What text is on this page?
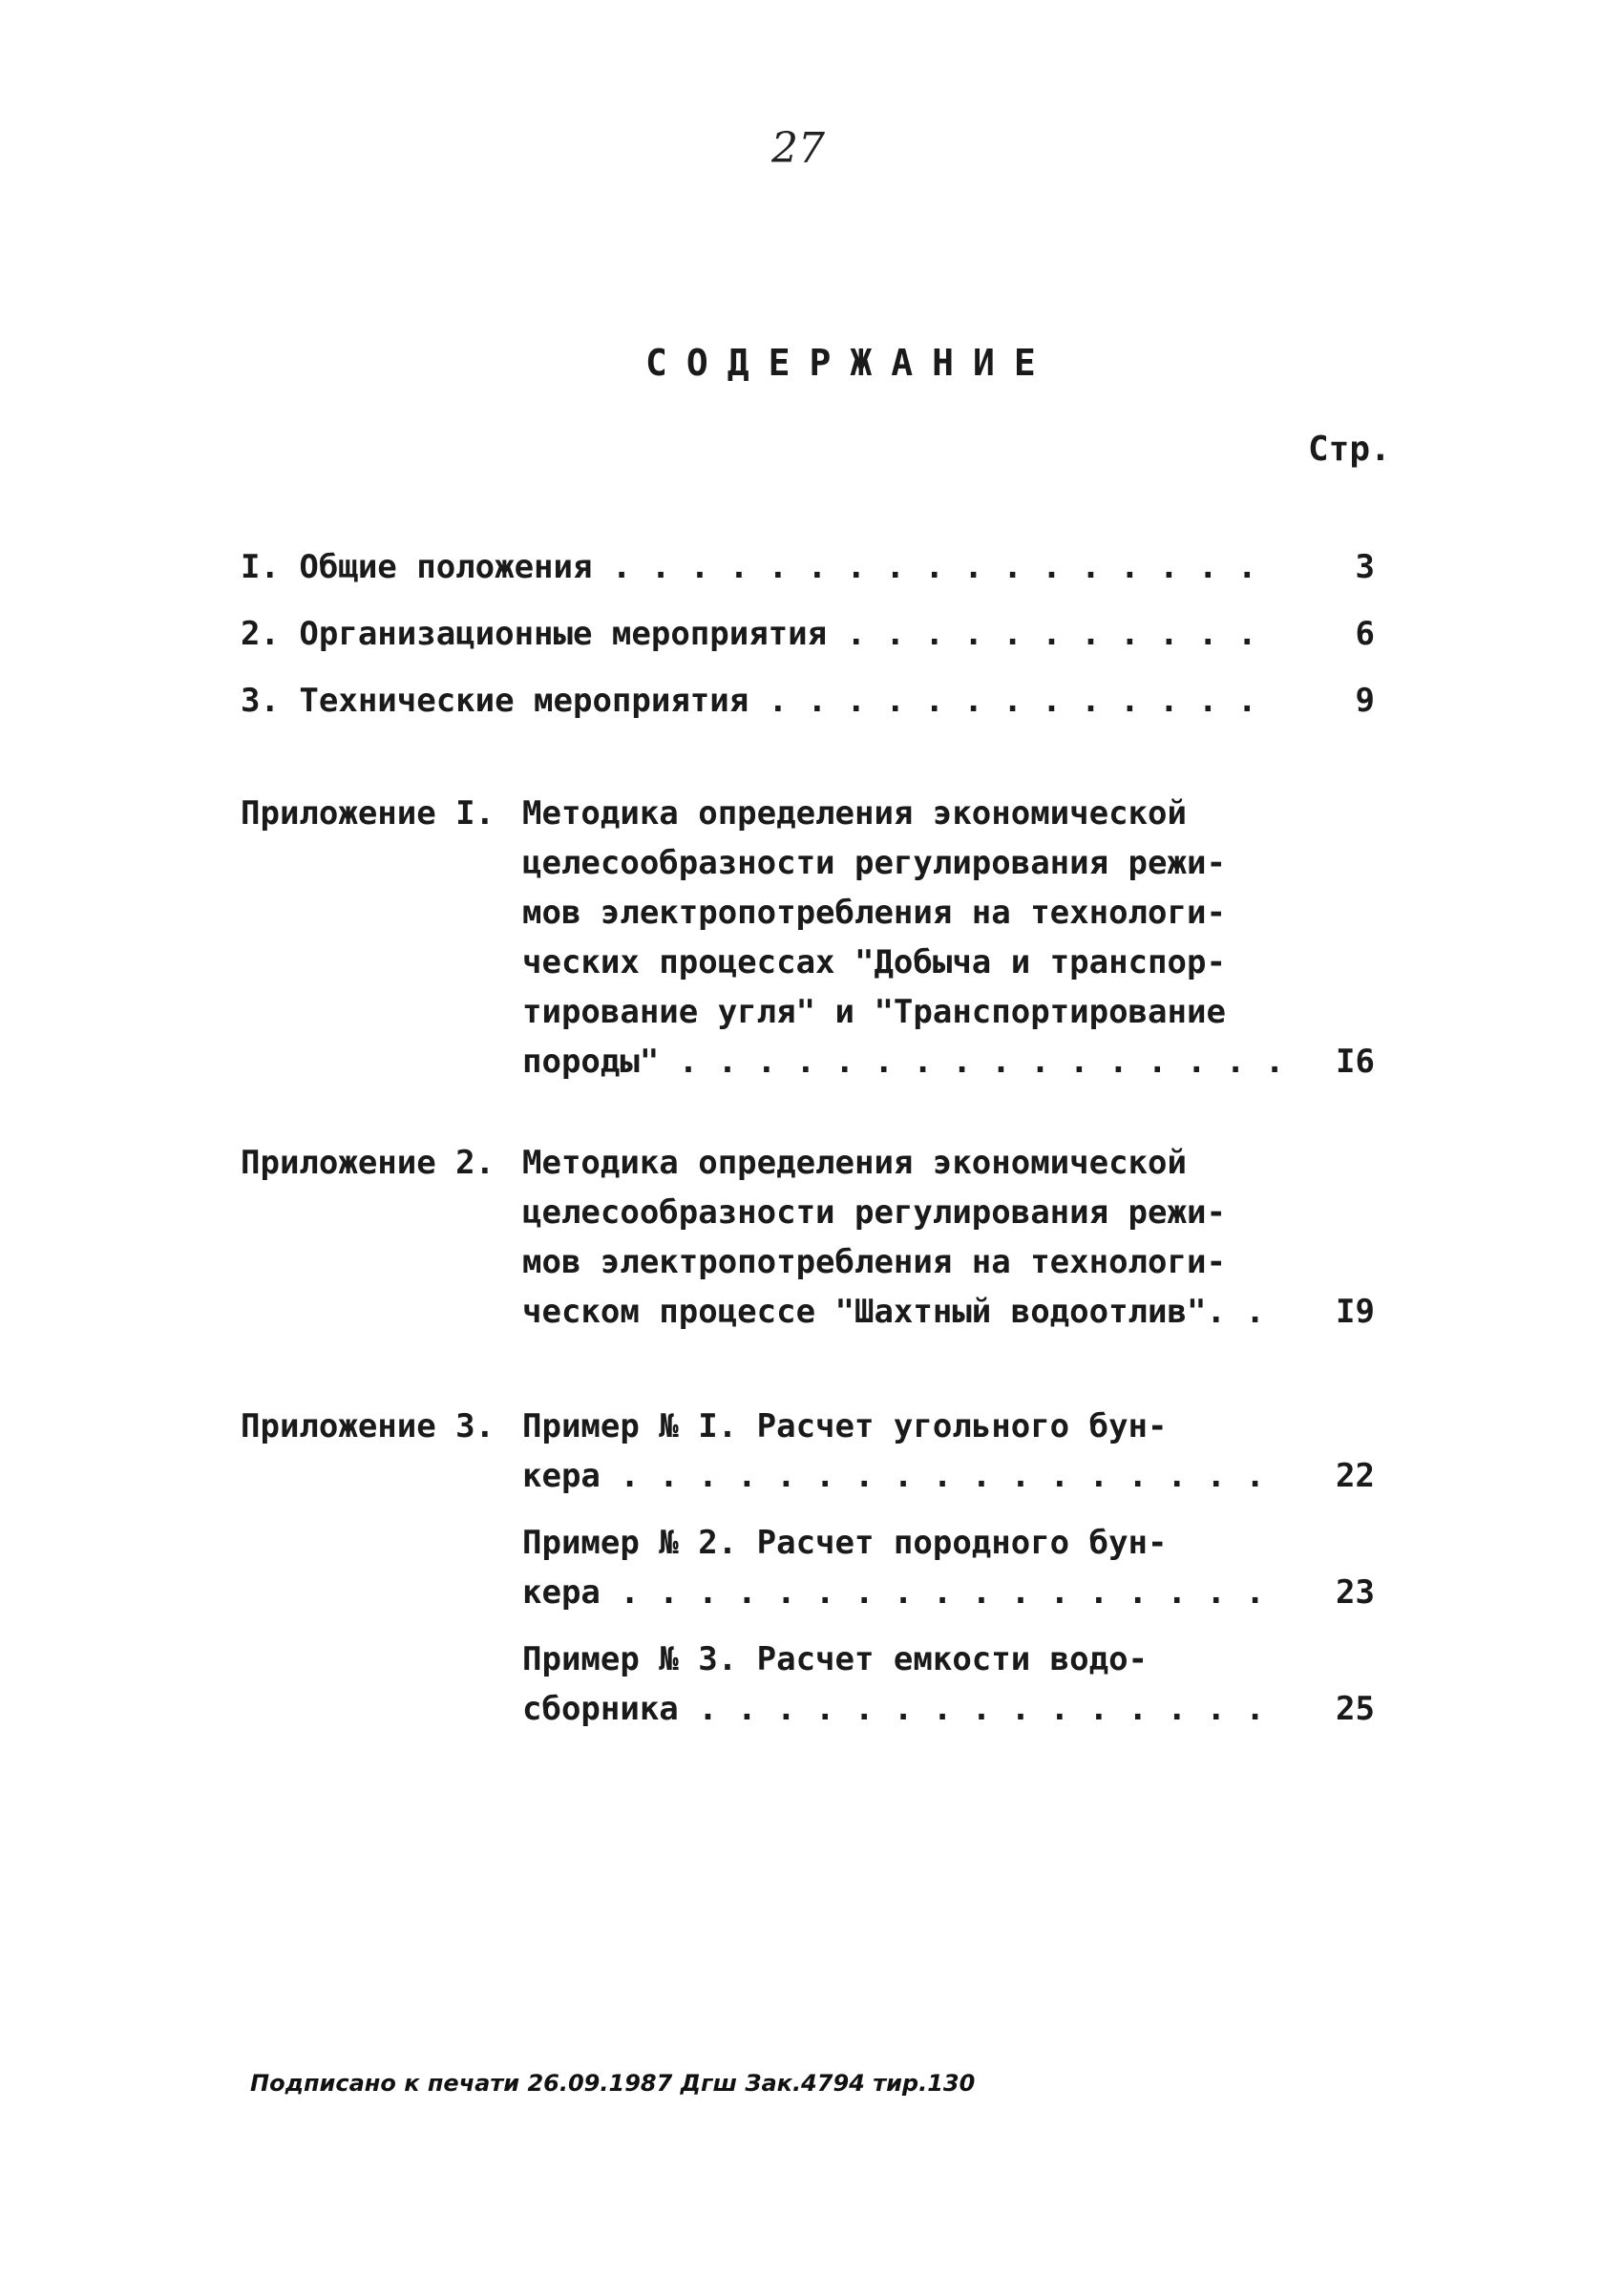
27
СОДЕРЖАНИЕ
Стр.
I. Общие положения . . . . . . . . . . . . . . . . .	3
2. Организационные мероприятия . . . . . . . . . . .	6
3. Технические мероприятия . . . . . . . . . . . . .	9
Приложение I. Методика определения экономической
целесообразности регулирования режи-
мов электропотребления на технологи-
ческих процессах "Добыча и транспор-
тирование угля" и "Транспортирование
породы" . . . . . . . . . . . . . . . .	I6
Приложение 2. Методика определения экономической
целесообразности регулирования режи-
мов электропотребления на технологи-
ческом процессе "Шахтный водоотлив". .	I9
Приложение 3. Пример № I. Расчет угольного бун-
кера . . . . . . . . . . . . . . . . .	22
Пример № 2. Расчет породного бун-
кера . . . . . . . . . . . . . . . . .	23
Пример № 3. Расчет емкости водо-
сборника . . . . . . . . . . . . . . .	25
Подписано к печати 26.09.1987 Дгш Зак.4794 тир.130
